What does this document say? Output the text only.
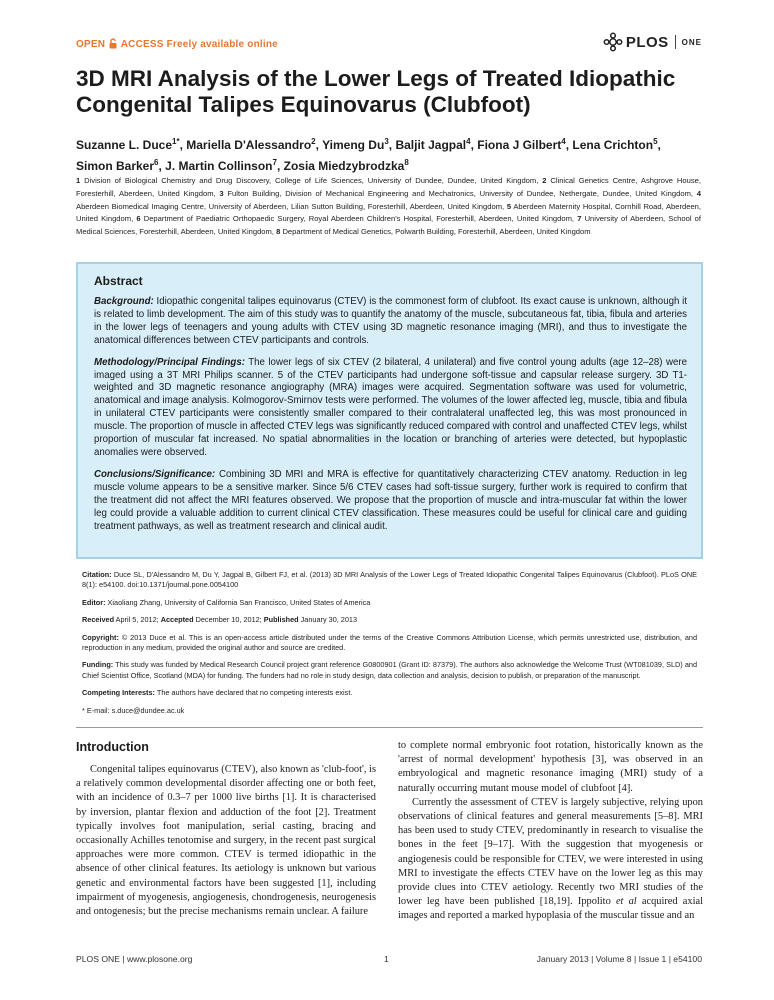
OPEN ACCESS Freely available online	PLOS ONE
3D MRI Analysis of the Lower Legs of Treated Idiopathic Congenital Talipes Equinovarus (Clubfoot)
Suzanne L. Duce$^{1*}$, Mariella D'Alessandro$^2$, Yimeng Du$^3$, Baljit Jagpal$^4$, Fiona J Gilbert$^4$, Lena Crichton$^5$,
Simon Barker$^6$, J. Martin Collinson$^7$, Zosia Miedzybrodzka$^8$
1 Division of Biological Chemistry and Drug Discovery, College of Life Sciences, University of Dundee, Dundee, United Kingdom, 2 Clinical Genetics Centre, Ashgrove House, Foresterhill, Aberdeen, United Kingdom, 3 Fulton Building, Division of Mechanical Engineering and Mechatronics, University of Dundee, Nethergate, Dundee, United Kingdom, 4 Aberdeen Biomedical Imaging Centre, University of Aberdeen, Lilian Sutton Building, Foresterhill, Aberdeen, United Kingdom, 5 Aberdeen Maternity Hospital, Cornhill Road, Aberdeen, United Kingdom, 6 Department of Paediatric Orthopaedic Surgery, Royal Aberdeen Children's Hospital, Foresterhill, Aberdeen, United Kingdom, 7 University of Aberdeen, School of Medical Sciences, Foresterhill, Aberdeen, United Kingdom, 8 Department of Medical Genetics, Polwarth Building, Foresterhill, Aberdeen, United Kingdom
Abstract

Background: Idiopathic congenital talipes equinovarus (CTEV) is the commonest form of clubfoot. Its exact cause is unknown, although it is related to limb development. The aim of this study was to quantify the anatomy of the muscle, subcutaneous fat, tibia, fibula and arteries in the lower legs of teenagers and young adults with CTEV using 3D magnetic resonance imaging (MRI), and thus to investigate the anatomical differences between CTEV participants and controls.

Methodology/Principal Findings: The lower legs of six CTEV (2 bilateral, 4 unilateral) and five control young adults (age 12–28) were imaged using a 3T MRI Philips scanner. 5 of the CTEV participants had undergone soft-tissue and capsular release surgery. 3D T1-weighted and 3D magnetic resonance angiography (MRA) images were acquired. Segmentation software was used for volumetric, anatomical and image analysis. Kolmogorov-Smirnov tests were performed. The volumes of the lower affected leg, muscle, tibia and fibula in unilateral CTEV participants were consistently smaller compared to their contralateral unaffected leg, this was most pronounced in muscle. The proportion of muscle in affected CTEV legs was significantly reduced compared with control and unaffected CTEV legs, whilst proportion of muscular fat increased. No spatial abnormalities in the location or branching of arteries were detected, but hypoplastic anomalies were observed.

Conclusions/Significance: Combining 3D MRI and MRA is effective for quantitatively characterizing CTEV anatomy. Reduction in leg muscle volume appears to be a sensitive marker. Since 5/6 CTEV cases had soft-tissue surgery, further work is required to confirm that the treatment did not affect the MRI features observed. We propose that the proportion of muscle and intra-muscular fat within the lower leg could provide a valuable addition to current clinical CTEV classification. These measures could be useful for clinical care and guiding treatment pathways, as well as treatment research and clinical audit.

Citation: Duce SL, D'Alessandro M, Du Y, Jagpal B, Gilbert FJ, et al. (2013) 3D MRI Analysis of the Lower Legs of Treated Idiopathic Congenital Talipes Equinovarus (Clubfoot). PLoS ONE 8(1): e54100. doi:10.1371/journal.pone.0054100
Editor: Xiaoliang Zhang, University of California San Francisco, United States of America
Received April 5, 2012; Accepted December 10, 2012; Published January 30, 2013
Copyright: © 2013 Duce et al. This is an open-access article distributed under the terms of the Creative Commons Attribution License, which permits unrestricted use, distribution, and reproduction in any medium, provided the original author and source are credited.
Funding: This study was funded by Medical Research Council project grant reference G0800901 (Grant ID: 87379). The authors also acknowledge the Welcome Trust (WT081039, SLD) and Chief Scientist Office, Scotland (MDA) for funding. The funders had no role in study design, data collection and analysis, decision to publish, or preparation of the manuscript.
Competing Interests: The authors have declared that no competing interests exist.
* E-mail: s.duce@dundee.ac.uk
Introduction

Congenital talipes equinovarus (CTEV), also known as 'club-foot', is a relatively common developmental disorder affecting one or both feet, with an incidence of 0.3–7 per 1000 live births [1]. It is characterised by inversion, plantar flexion and adduction of the foot [2]. Treatment typically involves foot manipulation, serial casting, bracing and occasionally Achilles tenotomise and surgery, in the recent past surgical approaches were more common. CTEV is termed idiopathic in the absence of other clinical features. Its aetiology is unknown but various genetic and environmental factors have been suggested [1], including impairment of myogenesis, angiogenesis, chondrogenesis, neurogenesis and ontogenesis; but the precise mechanisms remain unclear. A failure

to complete normal embryonic foot rotation, historically known as the 'arrest of normal development' hypothesis [3], was observed in an embryological and magnetic resonance imaging (MRI) study of a naturally occurring mutant mouse model of clubfoot [4].

Currently the assessment of CTEV is largely subjective, relying upon observations of clinical features and general measurements [5–8]. MRI has been used to study CTEV, predominantly in research to visualise the bones in the feet [9–17]. With the suggestion that myogenesis or angiogenesis could be responsible for CTEV, we were interested in using MRI to investigate the effects CTEV have on the lower leg as this may provide clues into CTEV aetiology. Recently two MRI studies of the lower leg have been published [18,19]. Ippolito et al acquired axial images and reported a marked hypoplasia of the muscular tissue and an

PLOS ONE | www.plosone.org	1	January 2013 | Volume 8 | Issue 1 | e54100
